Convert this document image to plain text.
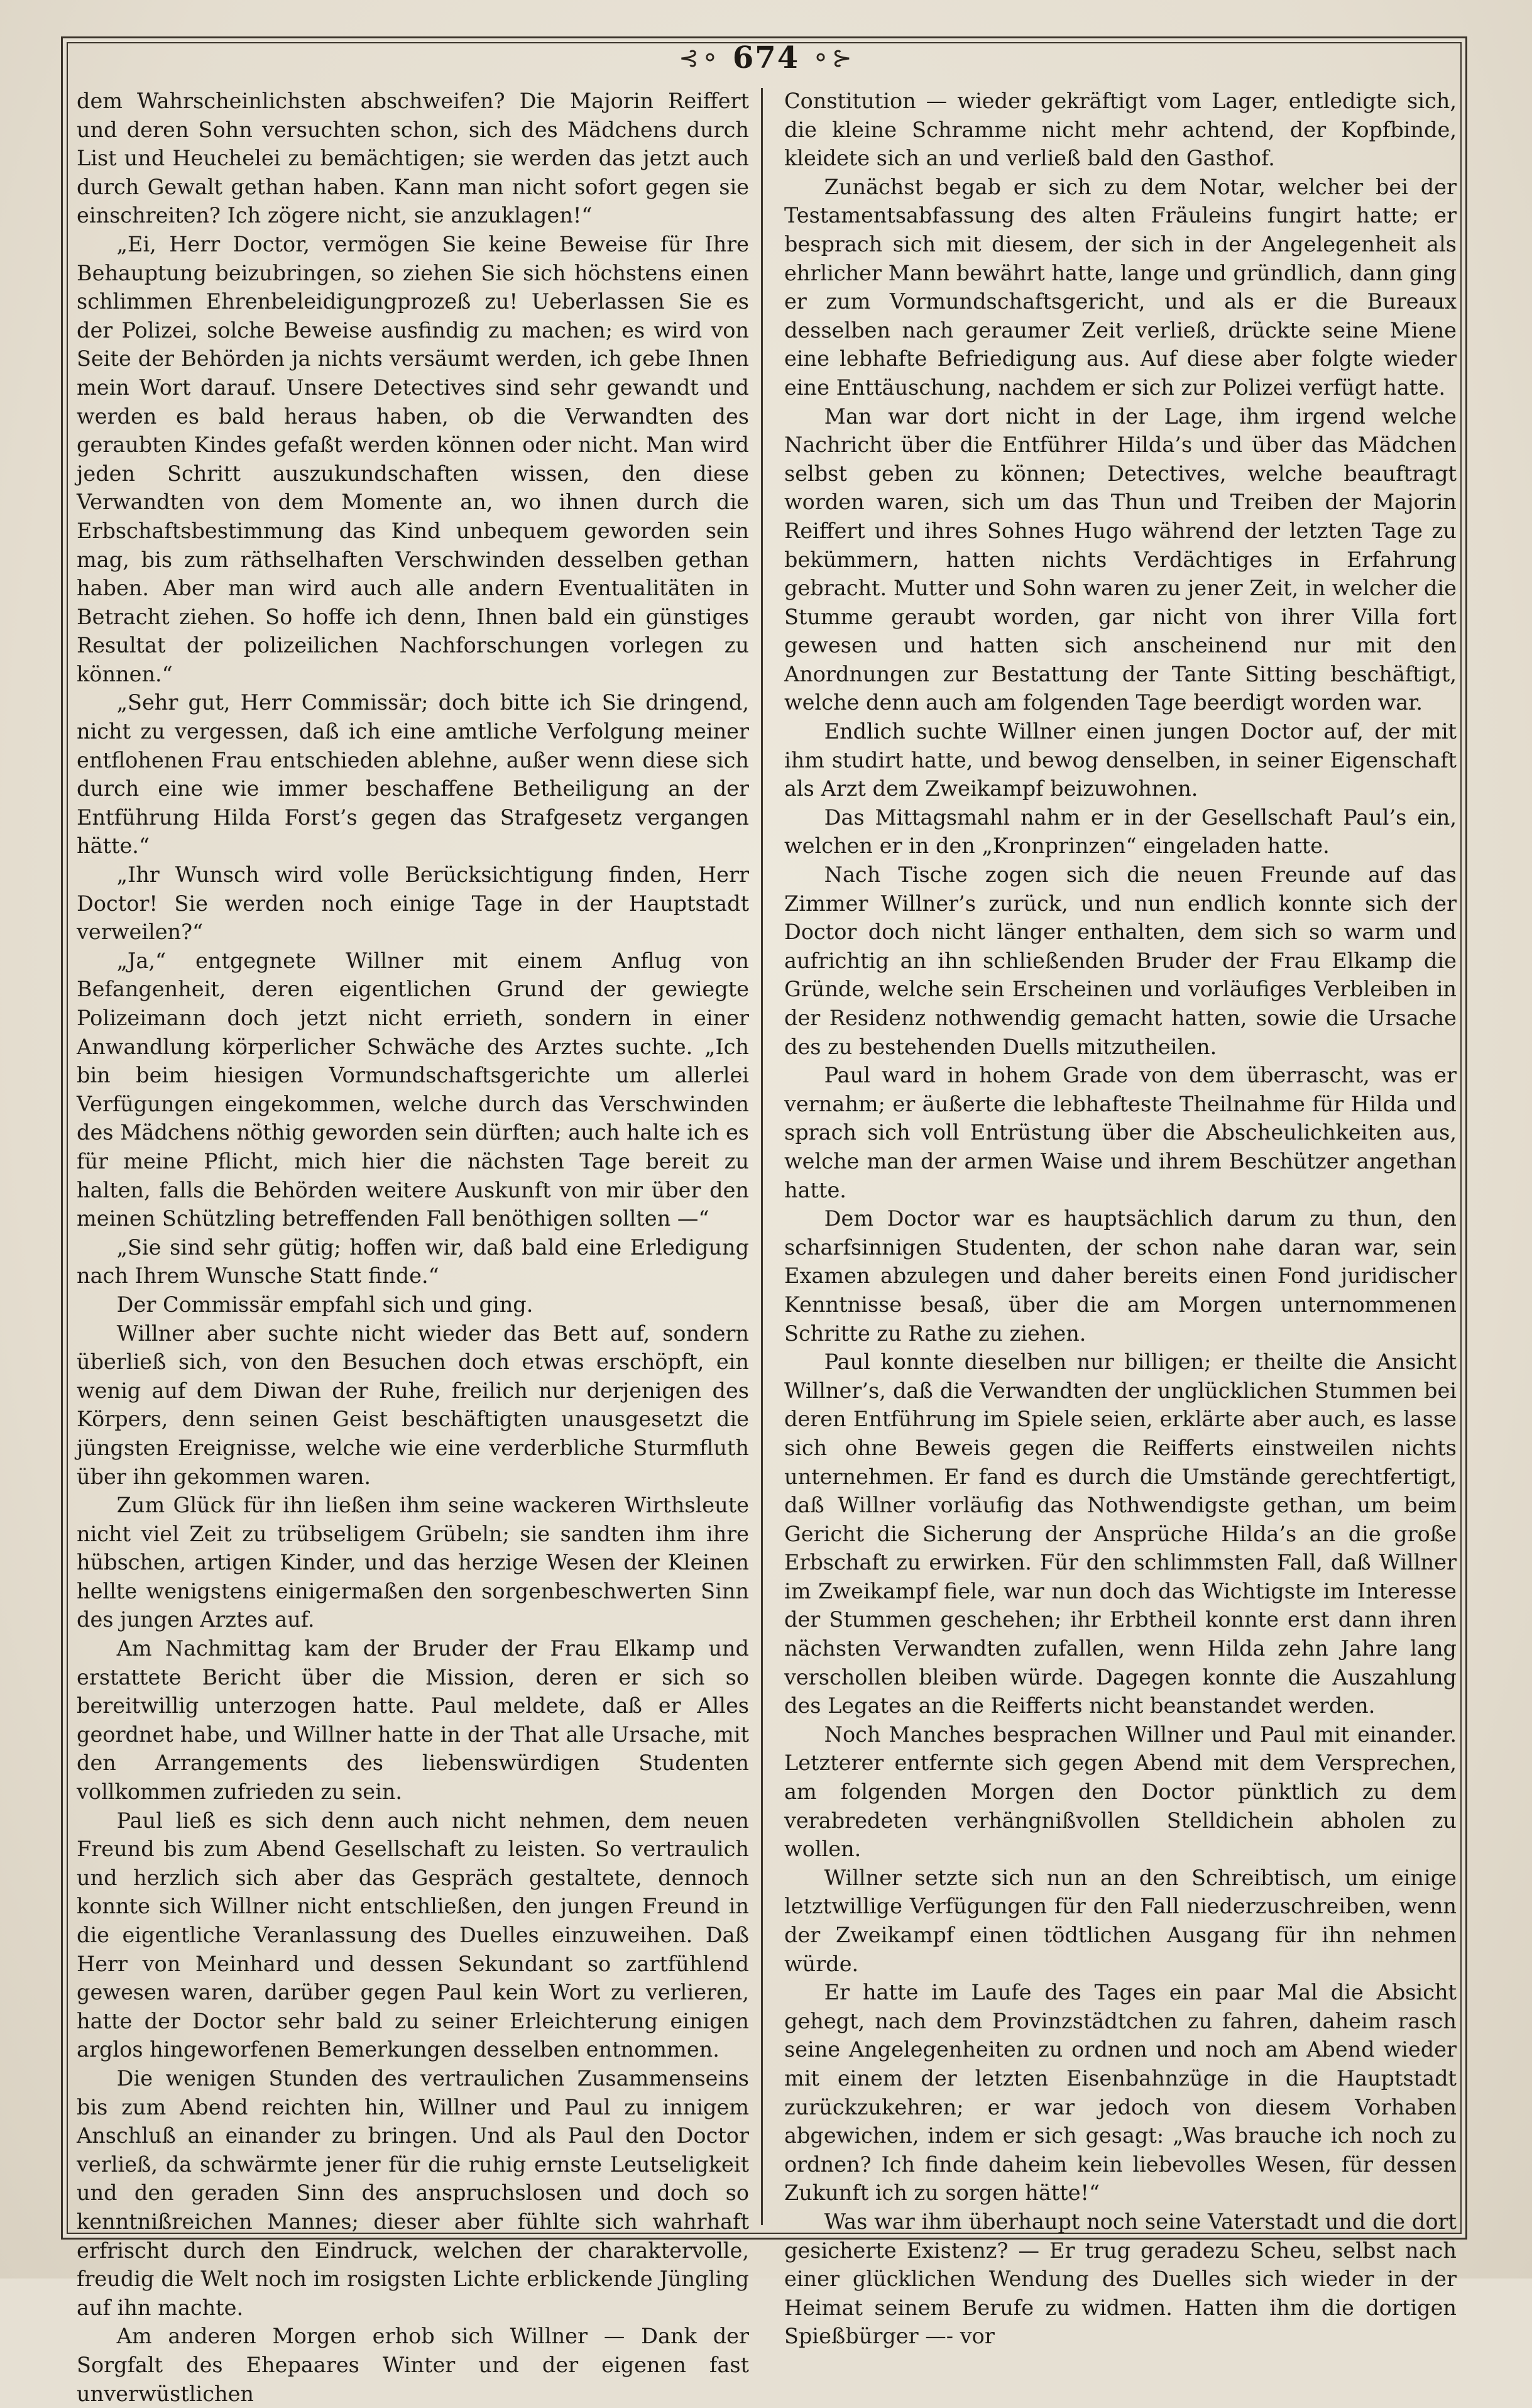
⊰⚬ 674 ⚬⊱

dem Wahrscheinlichsten abschweifen? Die Majorin Reiffert und deren Sohn versuchten schon, sich des Mädchens durch List und Heuchelei zu bemächtigen; sie werden das jetzt auch durch Gewalt gethan haben. Kann man nicht sofort gegen sie einschreiten? Ich zögere nicht, sie anzuklagen!“

„Ei, Herr Doctor, vermögen Sie keine Beweise für Ihre Behauptung beizubringen, so ziehen Sie sich höchstens einen schlimmen Ehrenbeleidigungprozeß zu! Ueberlassen Sie es der Polizei, solche Beweise ausfindig zu machen; es wird von Seite der Behörden ja nichts versäumt werden, ich gebe Ihnen mein Wort darauf. Unsere Detectives sind sehr gewandt und werden es bald heraus haben, ob die Verwandten des geraubten Kindes gefaßt werden können oder nicht. Man wird jeden Schritt auszukundschaften wissen, den diese Verwandten von dem Momente an, wo ihnen durch die Erbschaftsbestimmung das Kind unbequem geworden sein mag, bis zum räthselhaften Verschwinden desselben gethan haben. Aber man wird auch alle andern Eventualitäten in Betracht ziehen. So hoffe ich denn, Ihnen bald ein günstiges Resultat der polizeilichen Nachforschungen vorlegen zu können.“

„Sehr gut, Herr Commissär; doch bitte ich Sie dringend, nicht zu vergessen, daß ich eine amtliche Verfolgung meiner entflohenen Frau entschieden ablehne, außer wenn diese sich durch eine wie immer beschaffene Betheiligung an der Entführung Hilda Forst’s gegen das Strafgesetz vergangen hätte.“

„Ihr Wunsch wird volle Berücksichtigung finden, Herr Doctor! Sie werden noch einige Tage in der Hauptstadt verweilen?“

„Ja,“ entgegnete Willner mit einem Anflug von Befangenheit, deren eigentlichen Grund der gewiegte Polizeimann doch jetzt nicht errieth, sondern in einer Anwandlung körperlicher Schwäche des Arztes suchte. „Ich bin beim hiesigen Vormundschaftsgerichte um allerlei Verfügungen eingekommen, welche durch das Verschwinden des Mädchens nöthig geworden sein dürften; auch halte ich es für meine Pflicht, mich hier die nächsten Tage bereit zu halten, falls die Behörden weitere Auskunft von mir über den meinen Schützling betreffenden Fall benöthigen sollten —“

„Sie sind sehr gütig; hoffen wir, daß bald eine Erledigung nach Ihrem Wunsche Statt finde.“

Der Commissär empfahl sich und ging.

Willner aber suchte nicht wieder das Bett auf, sondern überließ sich, von den Besuchen doch etwas erschöpft, ein wenig auf dem Diwan der Ruhe, freilich nur derjenigen des Körpers, denn seinen Geist beschäftigten unausgesetzt die jüngsten Ereignisse, welche wie eine verderbliche Sturmfluth über ihn gekommen waren.

Zum Glück für ihn ließen ihm seine wackeren Wirthsleute nicht viel Zeit zu trübseligem Grübeln; sie sandten ihm ihre hübschen, artigen Kinder, und das herzige Wesen der Kleinen hellte wenigstens einigermaßen den sorgenbeschwerten Sinn des jungen Arztes auf.

Am Nachmittag kam der Bruder der Frau Elkamp und erstattete Bericht über die Mission, deren er sich so bereitwillig unterzogen hatte. Paul meldete, daß er Alles geordnet habe, und Willner hatte in der That alle Ursache, mit den Arrangements des liebenswürdigen Studenten vollkommen zufrieden zu sein.

Paul ließ es sich denn auch nicht nehmen, dem neuen Freund bis zum Abend Gesellschaft zu leisten. So vertraulich und herzlich sich aber das Gespräch gestaltete, dennoch konnte sich Willner nicht entschließen, den jungen Freund in die eigentliche Veranlassung des Duelles einzuweihen. Daß Herr von Meinhard und dessen Sekundant so zartfühlend gewesen waren, darüber gegen Paul kein Wort zu verlieren, hatte der Doctor sehr bald zu seiner Erleichterung einigen arglos hingeworfenen Bemerkungen desselben entnommen.

Die wenigen Stunden des vertraulichen Zusammenseins bis zum Abend reichten hin, Willner und Paul zu innigem Anschluß an einander zu bringen. Und als Paul den Doctor verließ, da schwärmte jener für die ruhig ernste Leutseligkeit und den geraden Sinn des anspruchslosen und doch so kenntnißreichen Mannes; dieser aber fühlte sich wahrhaft erfrischt durch den Eindruck, welchen der charaktervolle, freudig die Welt noch im rosigsten Lichte erblickende Jüngling auf ihn machte.

Am anderen Morgen erhob sich Willner — Dank der Sorgfalt des Ehepaares Winter und der eigenen fast unverwüstlichen

Constitution — wieder gekräftigt vom Lager, entledigte sich, die kleine Schramme nicht mehr achtend, der Kopfbinde, kleidete sich an und verließ bald den Gasthof.

Zunächst begab er sich zu dem Notar, welcher bei der Testamentsabfassung des alten Fräuleins fungirt hatte; er besprach sich mit diesem, der sich in der Angelegenheit als ehrlicher Mann bewährt hatte, lange und gründlich, dann ging er zum Vormundschaftsgericht, und als er die Bureaux desselben nach geraumer Zeit verließ, drückte seine Miene eine lebhafte Befriedigung aus. Auf diese aber folgte wieder eine Enttäuschung, nachdem er sich zur Polizei verfügt hatte.

Man war dort nicht in der Lage, ihm irgend welche Nachricht über die Entführer Hilda’s und über das Mädchen selbst geben zu können; Detectives, welche beauftragt worden waren, sich um das Thun und Treiben der Majorin Reiffert und ihres Sohnes Hugo während der letzten Tage zu bekümmern, hatten nichts Verdächtiges in Erfahrung gebracht. Mutter und Sohn waren zu jener Zeit, in welcher die Stumme geraubt worden, gar nicht von ihrer Villa fort gewesen und hatten sich anscheinend nur mit den Anordnungen zur Bestattung der Tante Sitting beschäftigt, welche denn auch am folgenden Tage beerdigt worden war.

Endlich suchte Willner einen jungen Doctor auf, der mit ihm studirt hatte, und bewog denselben, in seiner Eigenschaft als Arzt dem Zweikampf beizuwohnen.

Das Mittagsmahl nahm er in der Gesellschaft Paul’s ein, welchen er in den „Kronprinzen“ eingeladen hatte.

Nach Tische zogen sich die neuen Freunde auf das Zimmer Willner’s zurück, und nun endlich konnte sich der Doctor doch nicht länger enthalten, dem sich so warm und aufrichtig an ihn schließenden Bruder der Frau Elkamp die Gründe, welche sein Erscheinen und vorläufiges Verbleiben in der Residenz nothwendig gemacht hatten, sowie die Ursache des zu bestehenden Duells mitzutheilen.

Paul ward in hohem Grade von dem überrascht, was er vernahm; er äußerte die lebhafteste Theilnahme für Hilda und sprach sich voll Entrüstung über die Abscheulichkeiten aus, welche man der armen Waise und ihrem Beschützer angethan hatte.

Dem Doctor war es hauptsächlich darum zu thun, den scharfsinnigen Studenten, der schon nahe daran war, sein Examen abzulegen und daher bereits einen Fond juridischer Kenntnisse besaß, über die am Morgen unternommenen Schritte zu Rathe zu ziehen.

Paul konnte dieselben nur billigen; er theilte die Ansicht Willner’s, daß die Verwandten der unglücklichen Stummen bei deren Entführung im Spiele seien, erklärte aber auch, es lasse sich ohne Beweis gegen die Reifferts einstweilen nichts unternehmen. Er fand es durch die Umstände gerechtfertigt, daß Willner vorläufig das Nothwendigste gethan, um beim Gericht die Sicherung der Ansprüche Hilda’s an die große Erbschaft zu erwirken. Für den schlimmsten Fall, daß Willner im Zweikampf fiele, war nun doch das Wichtigste im Interesse der Stummen geschehen; ihr Erbtheil konnte erst dann ihren nächsten Verwandten zufallen, wenn Hilda zehn Jahre lang verschollen bleiben würde. Dagegen konnte die Auszahlung des Legates an die Reifferts nicht beanstandet werden.

Noch Manches besprachen Willner und Paul mit einander. Letzterer entfernte sich gegen Abend mit dem Versprechen, am folgenden Morgen den Doctor pünktlich zu dem verabredeten verhängnißvollen Stelldichein abholen zu wollen.

Willner setzte sich nun an den Schreibtisch, um einige letztwillige Verfügungen für den Fall niederzuschreiben, wenn der Zweikampf einen tödtlichen Ausgang für ihn nehmen würde.

Er hatte im Laufe des Tages ein paar Mal die Absicht gehegt, nach dem Provinzstädtchen zu fahren, daheim rasch seine Angelegenheiten zu ordnen und noch am Abend wieder mit einem der letzten Eisenbahnzüge in die Hauptstadt zurückzukehren; er war jedoch von diesem Vorhaben abgewichen, indem er sich gesagt: „Was brauche ich noch zu ordnen? Ich finde daheim kein liebevolles Wesen, für dessen Zukunft ich zu sorgen hätte!“

Was war ihm überhaupt noch seine Vaterstadt und die dort gesicherte Existenz? — Er trug geradezu Scheu, selbst nach einer glücklichen Wendung des Duelles sich wieder in der Heimat seinem Berufe zu widmen. Hatten ihm die dortigen Spießbürger —- vor
